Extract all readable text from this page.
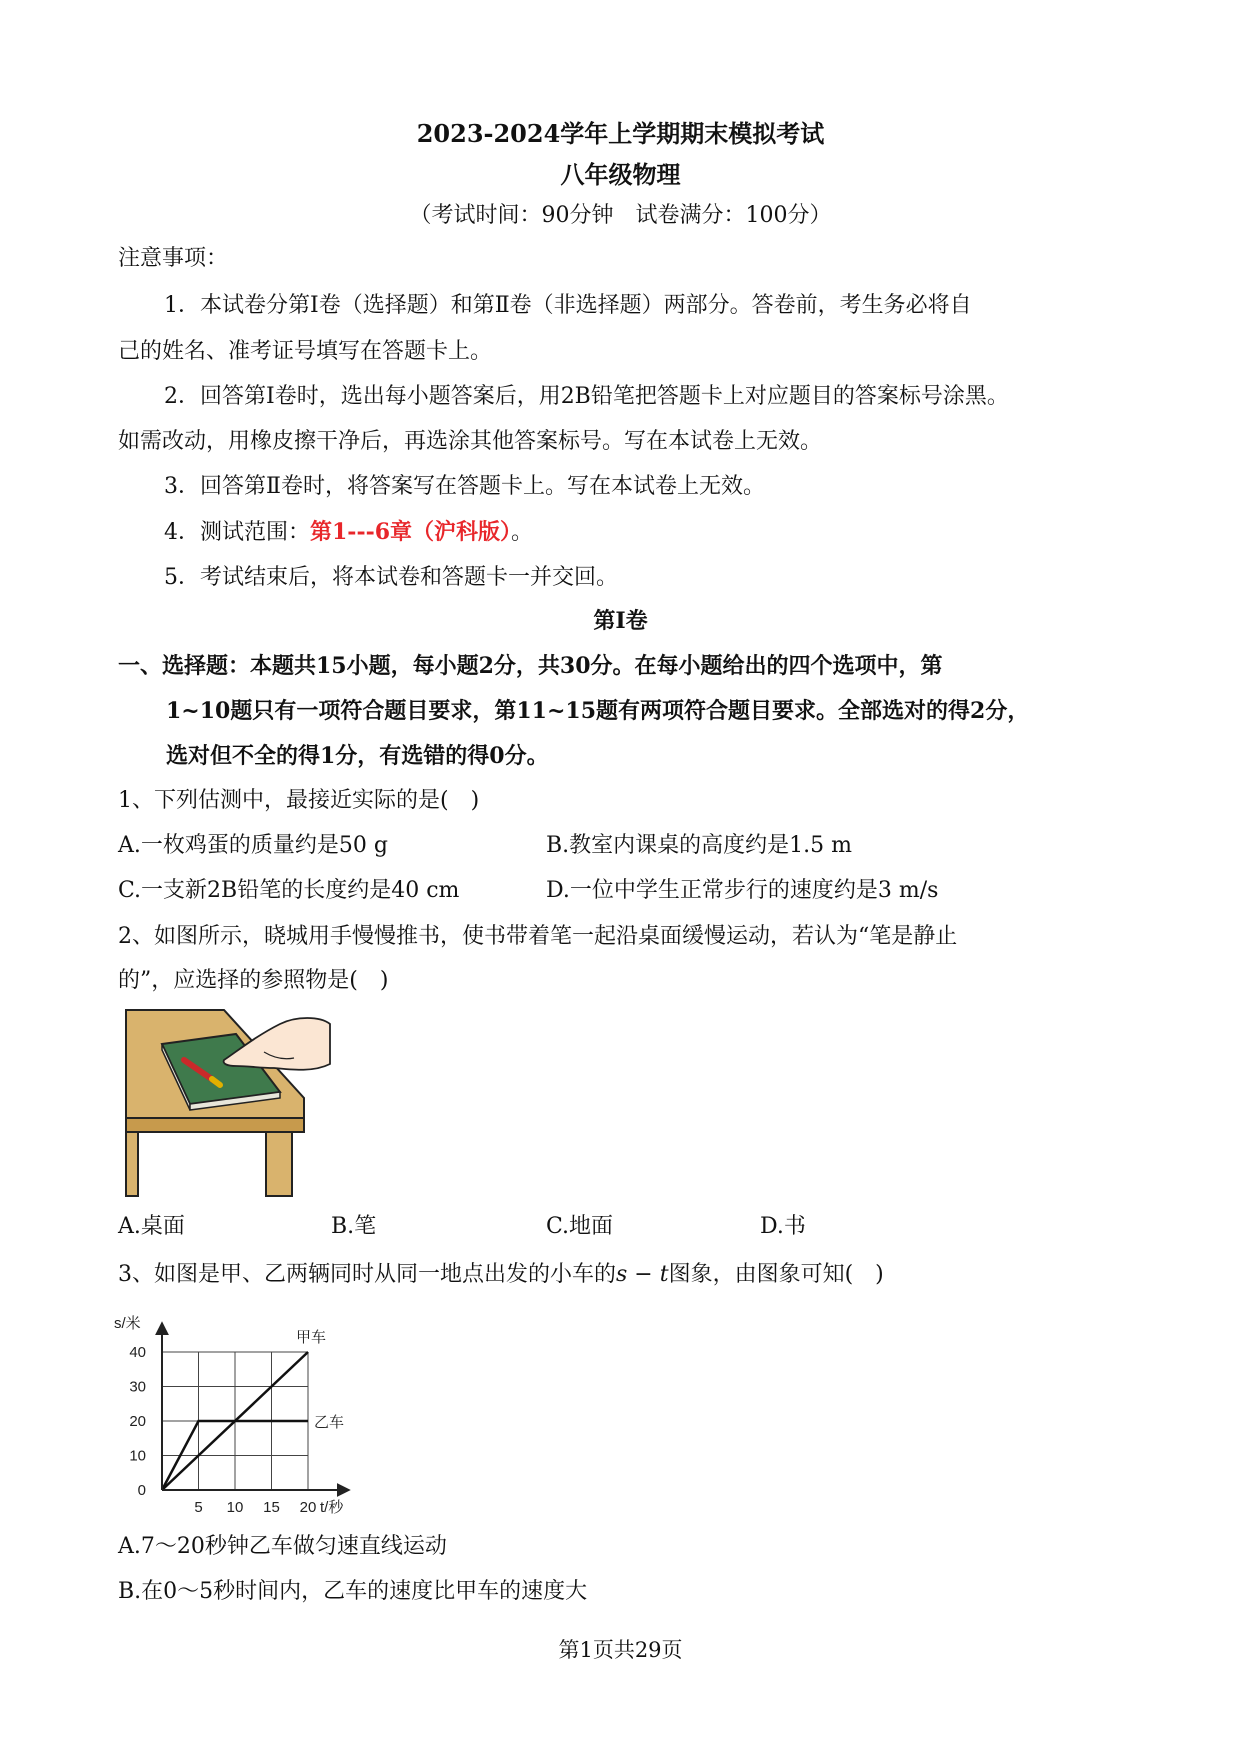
2023-2024学年上学期期末模拟考试
八年级物理
（考试时间：90分钟　试卷满分：100分）
注意事项：
1．本试卷分第Ⅰ卷（选择题）和第Ⅱ卷（非选择题）两部分。答卷前，考生务必将自
己的姓名、准考证号填写在答题卡上。
2．回答第Ⅰ卷时，选出每小题答案后，用2B铅笔把答题卡上对应题目的答案标号涂黑。
如需改动，用橡皮擦干净后，再选涂其他答案标号。写在本试卷上无效。
3．回答第Ⅱ卷时，将答案写在答题卡上。写在本试卷上无效。
4．测试范围：第1---6章（沪科版）。
5．考试结束后，将本试卷和答题卡一并交回。
第Ⅰ卷
一、选择题：本题共15小题，每小题2分，共30分。在每小题给出的四个选项中，第
1~10题只有一项符合题目要求，第11~15题有两项符合题目要求。全部选对的得2分，
选对但不全的得1分，有选错的得0分。
1、下列估测中，最接近实际的是(　)
A.一枚鸡蛋的质量约是50 g	B.教室内课桌的高度约是1.5 m
C.一支新2B铅笔的长度约是40 cm	D.一位中学生正常步行的速度约是3 m/s
2、如图所示，晓城用手慢慢推书，使书带着笔一起沿桌面缓慢运动，若认为“笔是静止
的”，应选择的参照物是(　)
A.桌面	B.笔	C.地面	D.书
3、如图是甲、乙两辆同时从同一地点出发的小车的s − t图象，由图象可知(　)
甲车
乙车
5 10 15 20
0
10
20
30
40
t/秒
s/米
A.7～20秒钟乙车做匀速直线运动
B.在0～5秒时间内，乙车的速度比甲车的速度大
第1页共29页
